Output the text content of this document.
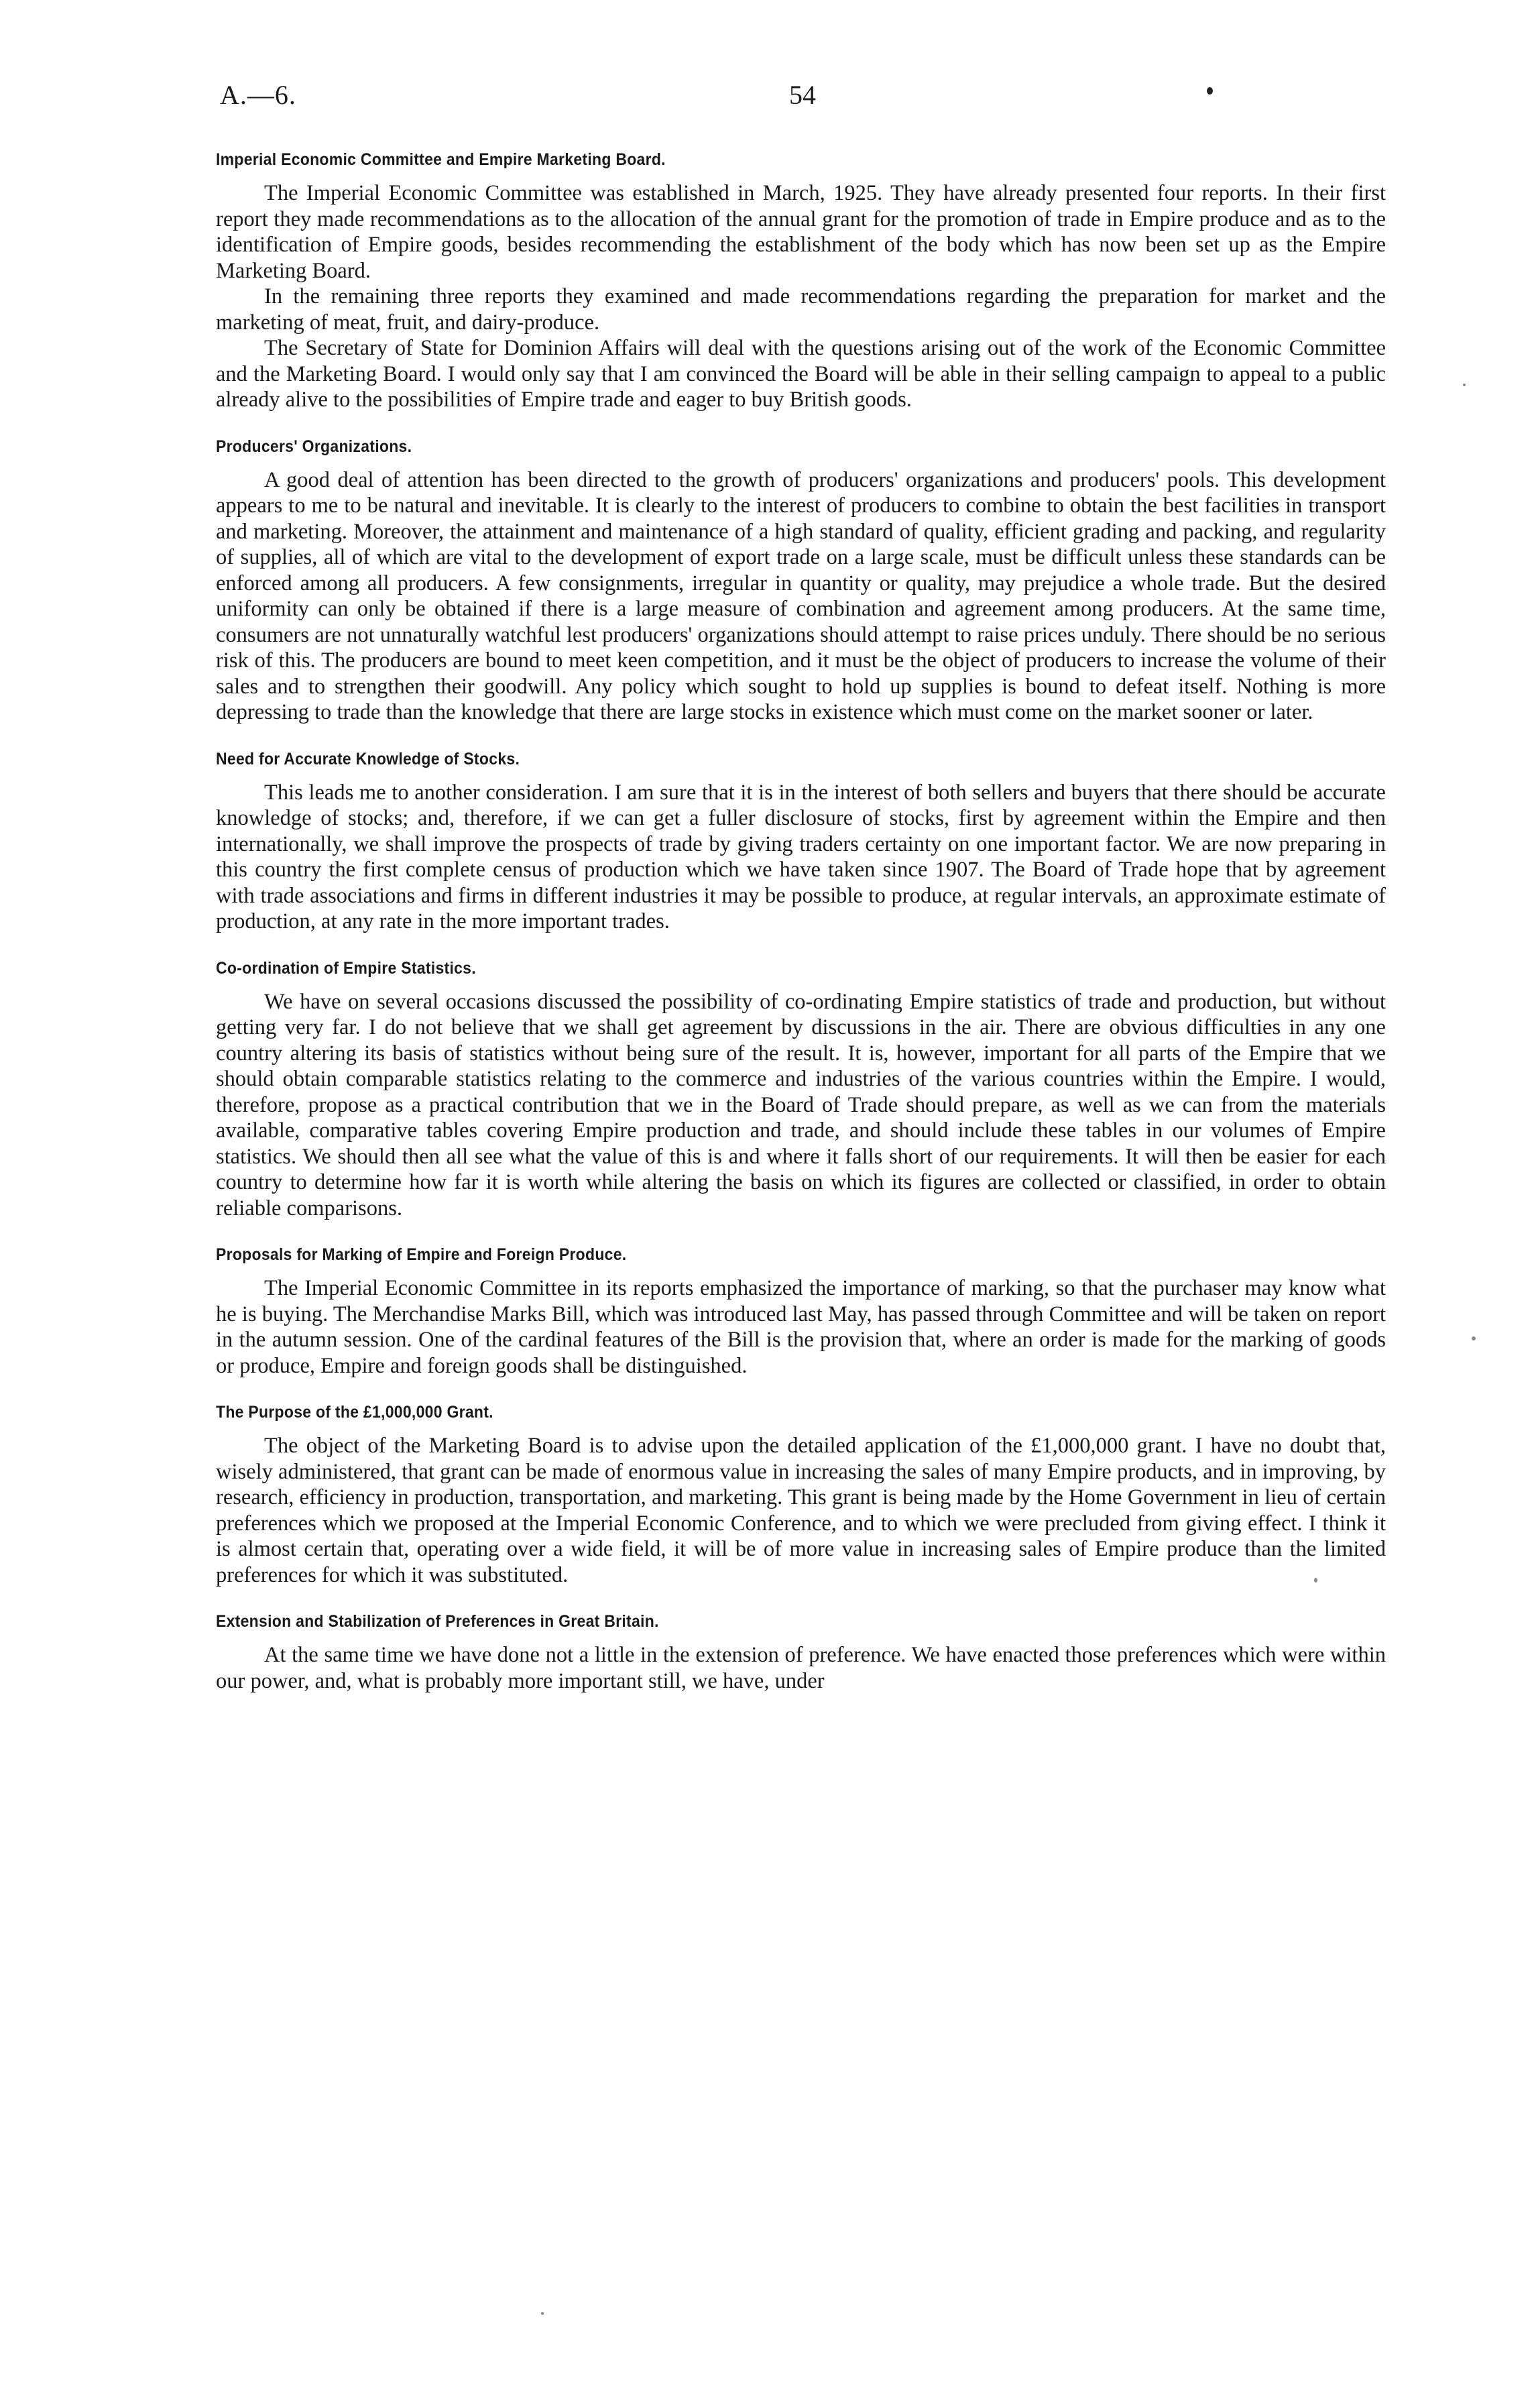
A.—6.	54
Imperial Economic Committee and Empire Marketing Board.

The Imperial Economic Committee was established in March, 1925. They have already presented four reports. In their first report they made recommendations as to the allocation of the annual grant for the promotion of trade in Empire produce and as to the identification of Empire goods, besides recommending the establishment of the body which has now been set up as the Empire Marketing Board.

In the remaining three reports they examined and made recommendations regarding the preparation for market and the marketing of meat, fruit, and dairy-produce.

The Secretary of State for Dominion Affairs will deal with the questions arising out of the work of the Economic Committee and the Marketing Board. I would only say that I am convinced the Board will be able in their selling campaign to appeal to a public already alive to the possibilities of Empire trade and eager to buy British goods.

Producers' Organizations.

A good deal of attention has been directed to the growth of producers' organizations and producers' pools. This development appears to me to be natural and inevitable. It is clearly to the interest of producers to combine to obtain the best facilities in transport and marketing. Moreover, the attainment and maintenance of a high standard of quality, efficient grading and packing, and regularity of supplies, all of which are vital to the development of export trade on a large scale, must be difficult unless these standards can be enforced among all producers. A few consignments, irregular in quantity or quality, may prejudice a whole trade. But the desired uniformity can only be obtained if there is a large measure of combination and agreement among producers. At the same time, consumers are not unnaturally watchful lest producers' organizations should attempt to raise prices unduly. There should be no serious risk of this. The producers are bound to meet keen competition, and it must be the object of producers to increase the volume of their sales and to strengthen their goodwill. Any policy which sought to hold up supplies is bound to defeat itself. Nothing is more depressing to trade than the knowledge that there are large stocks in existence which must come on the market sooner or later.

Need for Accurate Knowledge of Stocks.

This leads me to another consideration. I am sure that it is in the interest of both sellers and buyers that there should be accurate knowledge of stocks; and, therefore, if we can get a fuller disclosure of stocks, first by agreement within the Empire and then internationally, we shall improve the prospects of trade by giving traders certainty on one important factor. We are now preparing in this country the first complete census of production which we have taken since 1907. The Board of Trade hope that by agreement with trade associations and firms in different industries it may be possible to produce, at regular intervals, an approximate estimate of production, at any rate in the more important trades.

Co-ordination of Empire Statistics.

We have on several occasions discussed the possibility of co-ordinating Empire statistics of trade and production, but without getting very far. I do not believe that we shall get agreement by discussions in the air. There are obvious difficulties in any one country altering its basis of statistics without being sure of the result. It is, however, important for all parts of the Empire that we should obtain comparable statistics relating to the commerce and industries of the various countries within the Empire. I would, therefore, propose as a practical contribution that we in the Board of Trade should prepare, as well as we can from the materials available, comparative tables covering Empire production and trade, and should include these tables in our volumes of Empire statistics. We should then all see what the value of this is and where it falls short of our requirements. It will then be easier for each country to determine how far it is worth while altering the basis on which its figures are collected or classified, in order to obtain reliable comparisons.

Proposals for Marking of Empire and Foreign Produce.

The Imperial Economic Committee in its reports emphasized the importance of marking, so that the purchaser may know what he is buying. The Merchandise Marks Bill, which was introduced last May, has passed through Committee and will be taken on report in the autumn session. One of the cardinal features of the Bill is the provision that, where an order is made for the marking of goods or produce, Empire and foreign goods shall be distinguished.

The Purpose of the £1,000,000 Grant.

The object of the Marketing Board is to advise upon the detailed application of the £1,000,000 grant. I have no doubt that, wisely administered, that grant can be made of enormous value in increasing the sales of many Empire products, and in improving, by research, efficiency in production, transportation, and marketing. This grant is being made by the Home Government in lieu of certain preferences which we proposed at the Imperial Economic Conference, and to which we were precluded from giving effect. I think it is almost certain that, operating over a wide field, it will be of more value in increasing sales of Empire produce than the limited preferences for which it was substituted.

Extension and Stabilization of Preferences in Great Britain.

At the same time we have done not a little in the extension of preference. We have enacted those preferences which were within our power, and, what is probably more important still, we have, under
